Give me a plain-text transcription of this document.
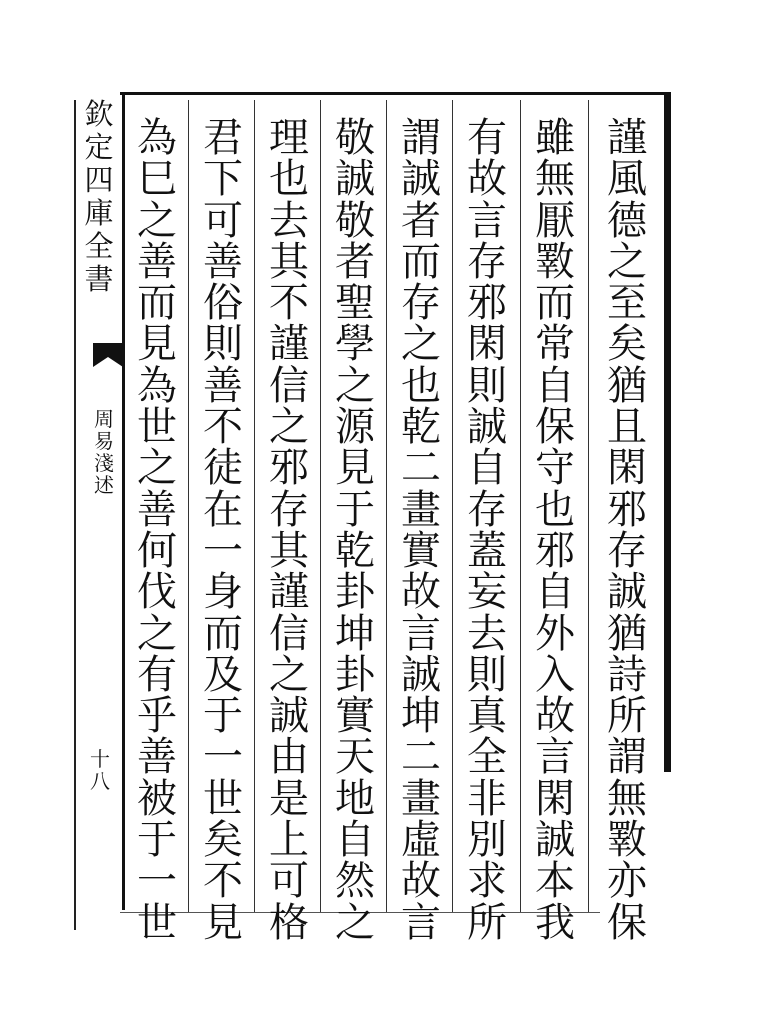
欽
定
四
庫
全
書
周
易
淺
述
十八
謹
風
德
之
至
矣
猶
且
閑
邪
存
誠
猶
詩
所
謂
無
斁
亦
保
雖
無
厭
斁
而
常
自
保
守
也
邪
自
外
入
故
言
閑
誠
本
我
有
故
言
存
邪
閑
則
誠
自
存
蓋
妄
去
則
真
全
非
別
求
所
謂
誠
者
而
存
之
也
乾
二
畫
實
故
言
誠
坤
二
畫
虛
故
言
敬
誠
敬
者
聖
學
之
源
見
于
乾
卦
坤
卦
實
天
地
自
然
之
理
也
去
其
不
謹
信
之
邪
存
其
謹
信
之
誠
由
是
上
可
格
君
下
可
善
俗
則
善
不
徒
在
一
身
而
及
于
一
世
矣
不
見
為
巳
之
善
而
見
為
世
之
善
何
伐
之
有
乎
善
被
于
一
世
